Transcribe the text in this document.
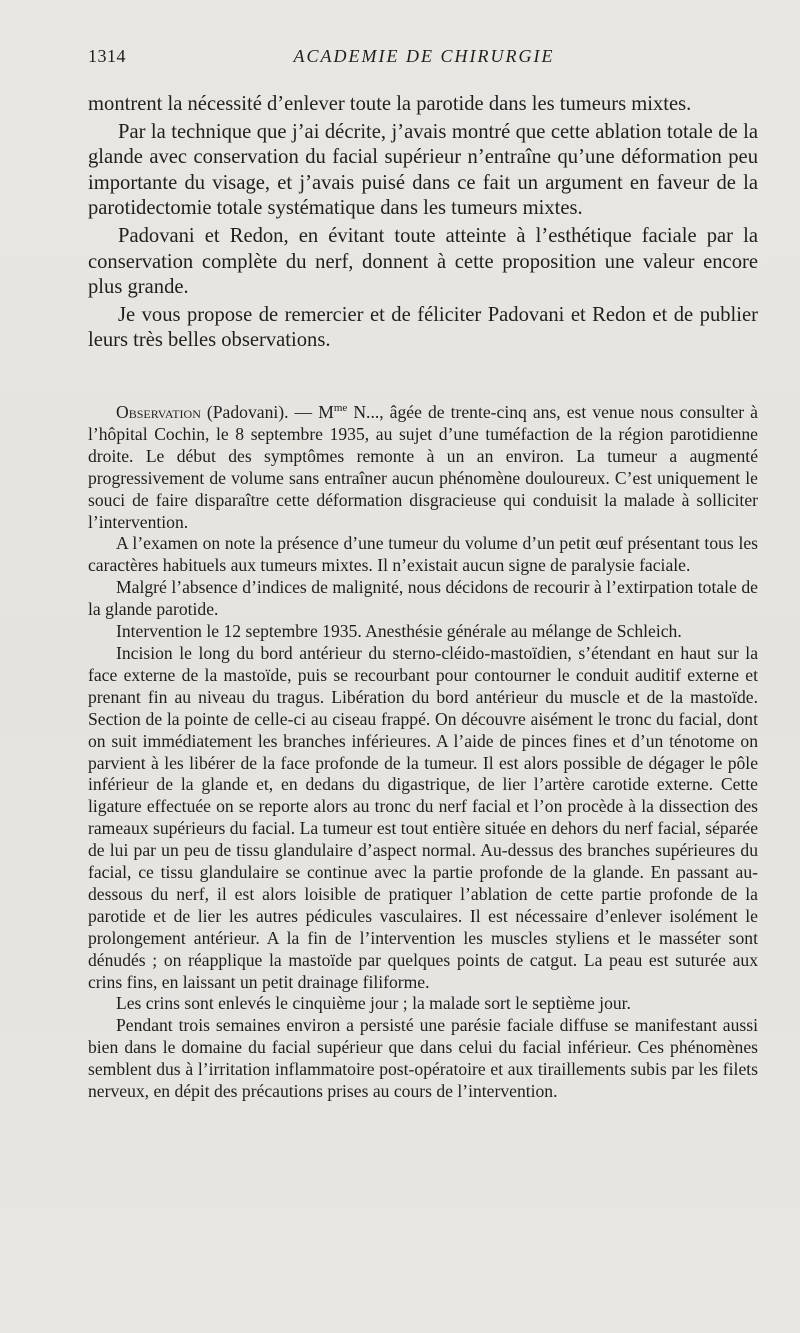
1314	ACADEMIE DE CHIRURGIE

montrent la nécessité d’enlever toute la parotide dans les tumeurs mixtes.

Par la technique que j’ai décrite, j’avais montré que cette ablation totale de la glande avec conservation du facial supérieur n’entraîne qu’une déformation peu importante du visage, et j’avais puisé dans ce fait un argument en faveur de la parotidectomie totale systématique dans les tumeurs mixtes.

Padovani et Redon, en évitant toute atteinte à l’esthétique faciale par la conservation complète du nerf, donnent à cette proposition une valeur encore plus grande.

Je vous propose de remercier et de féliciter Padovani et Redon et de publier leurs très belles observations.

Observation (Padovani). — $M^{me}$ N..., âgée de trente-cinq ans, est venue nous consulter à l’hôpital Cochin, le 8 septembre 1935, au sujet d’une tuméfaction de la région parotidienne droite. Le début des symptômes remonte à un an environ. La tumeur a augmenté progressivement de volume sans entraîner aucun phénomène douloureux. C’est uniquement le souci de faire disparaître cette déformation disgracieuse qui conduisit la malade à solliciter l’intervention.

A l’examen on note la présence d’une tumeur du volume d’un petit œuf présentant tous les caractères habituels aux tumeurs mixtes. Il n’existait aucun signe de paralysie faciale.

Malgré l’absence d’indices de malignité, nous décidons de recourir à l’extirpation totale de la glande parotide.

Intervention le 12 septembre 1935. Anesthésie générale au mélange de Schleich.

Incision le long du bord antérieur du sterno-cléido-mastoïdien, s’étendant en haut sur la face externe de la mastoïde, puis se recourbant pour contourner le conduit auditif externe et prenant fin au niveau du tragus. Libération du bord antérieur du muscle et de la mastoïde. Section de la pointe de celle-ci au ciseau frappé. On découvre aisément le tronc du facial, dont on suit immédiatement les branches inférieures. A l’aide de pinces fines et d’un ténotome on parvient à les libérer de la face profonde de la tumeur. Il est alors possible de dégager le pôle inférieur de la glande et, en dedans du digastrique, de lier l’artère carotide externe. Cette ligature effectuée on se reporte alors au tronc du nerf facial et l’on procède à la dissection des rameaux supérieurs du facial. La tumeur est tout entière située en dehors du nerf facial, séparée de lui par un peu de tissu glandulaire d’aspect normal. Au-dessus des branches supérieures du facial, ce tissu glandulaire se continue avec la partie profonde de la glande. En passant au-dessous du nerf, il est alors loisible de pratiquer l’ablation de cette partie profonde de la parotide et de lier les autres pédicules vasculaires. Il est nécessaire d’enlever isolément le prolongement antérieur. A la fin de l’intervention les muscles styliens et le masséter sont dénudés ; on réapplique la mastoïde par quelques points de catgut. La peau est suturée aux crins fins, en laissant un petit drainage filiforme.

Les crins sont enlevés le cinquième jour ; la malade sort le septième jour.

Pendant trois semaines environ a persisté une parésie faciale diffuse se manifestant aussi bien dans le domaine du facial supérieur que dans celui du facial inférieur. Ces phénomènes semblent dus à l’irritation inflammatoire post-opératoire et aux tiraillements subis par les filets nerveux, en dépit des précautions prises au cours de l’intervention.
